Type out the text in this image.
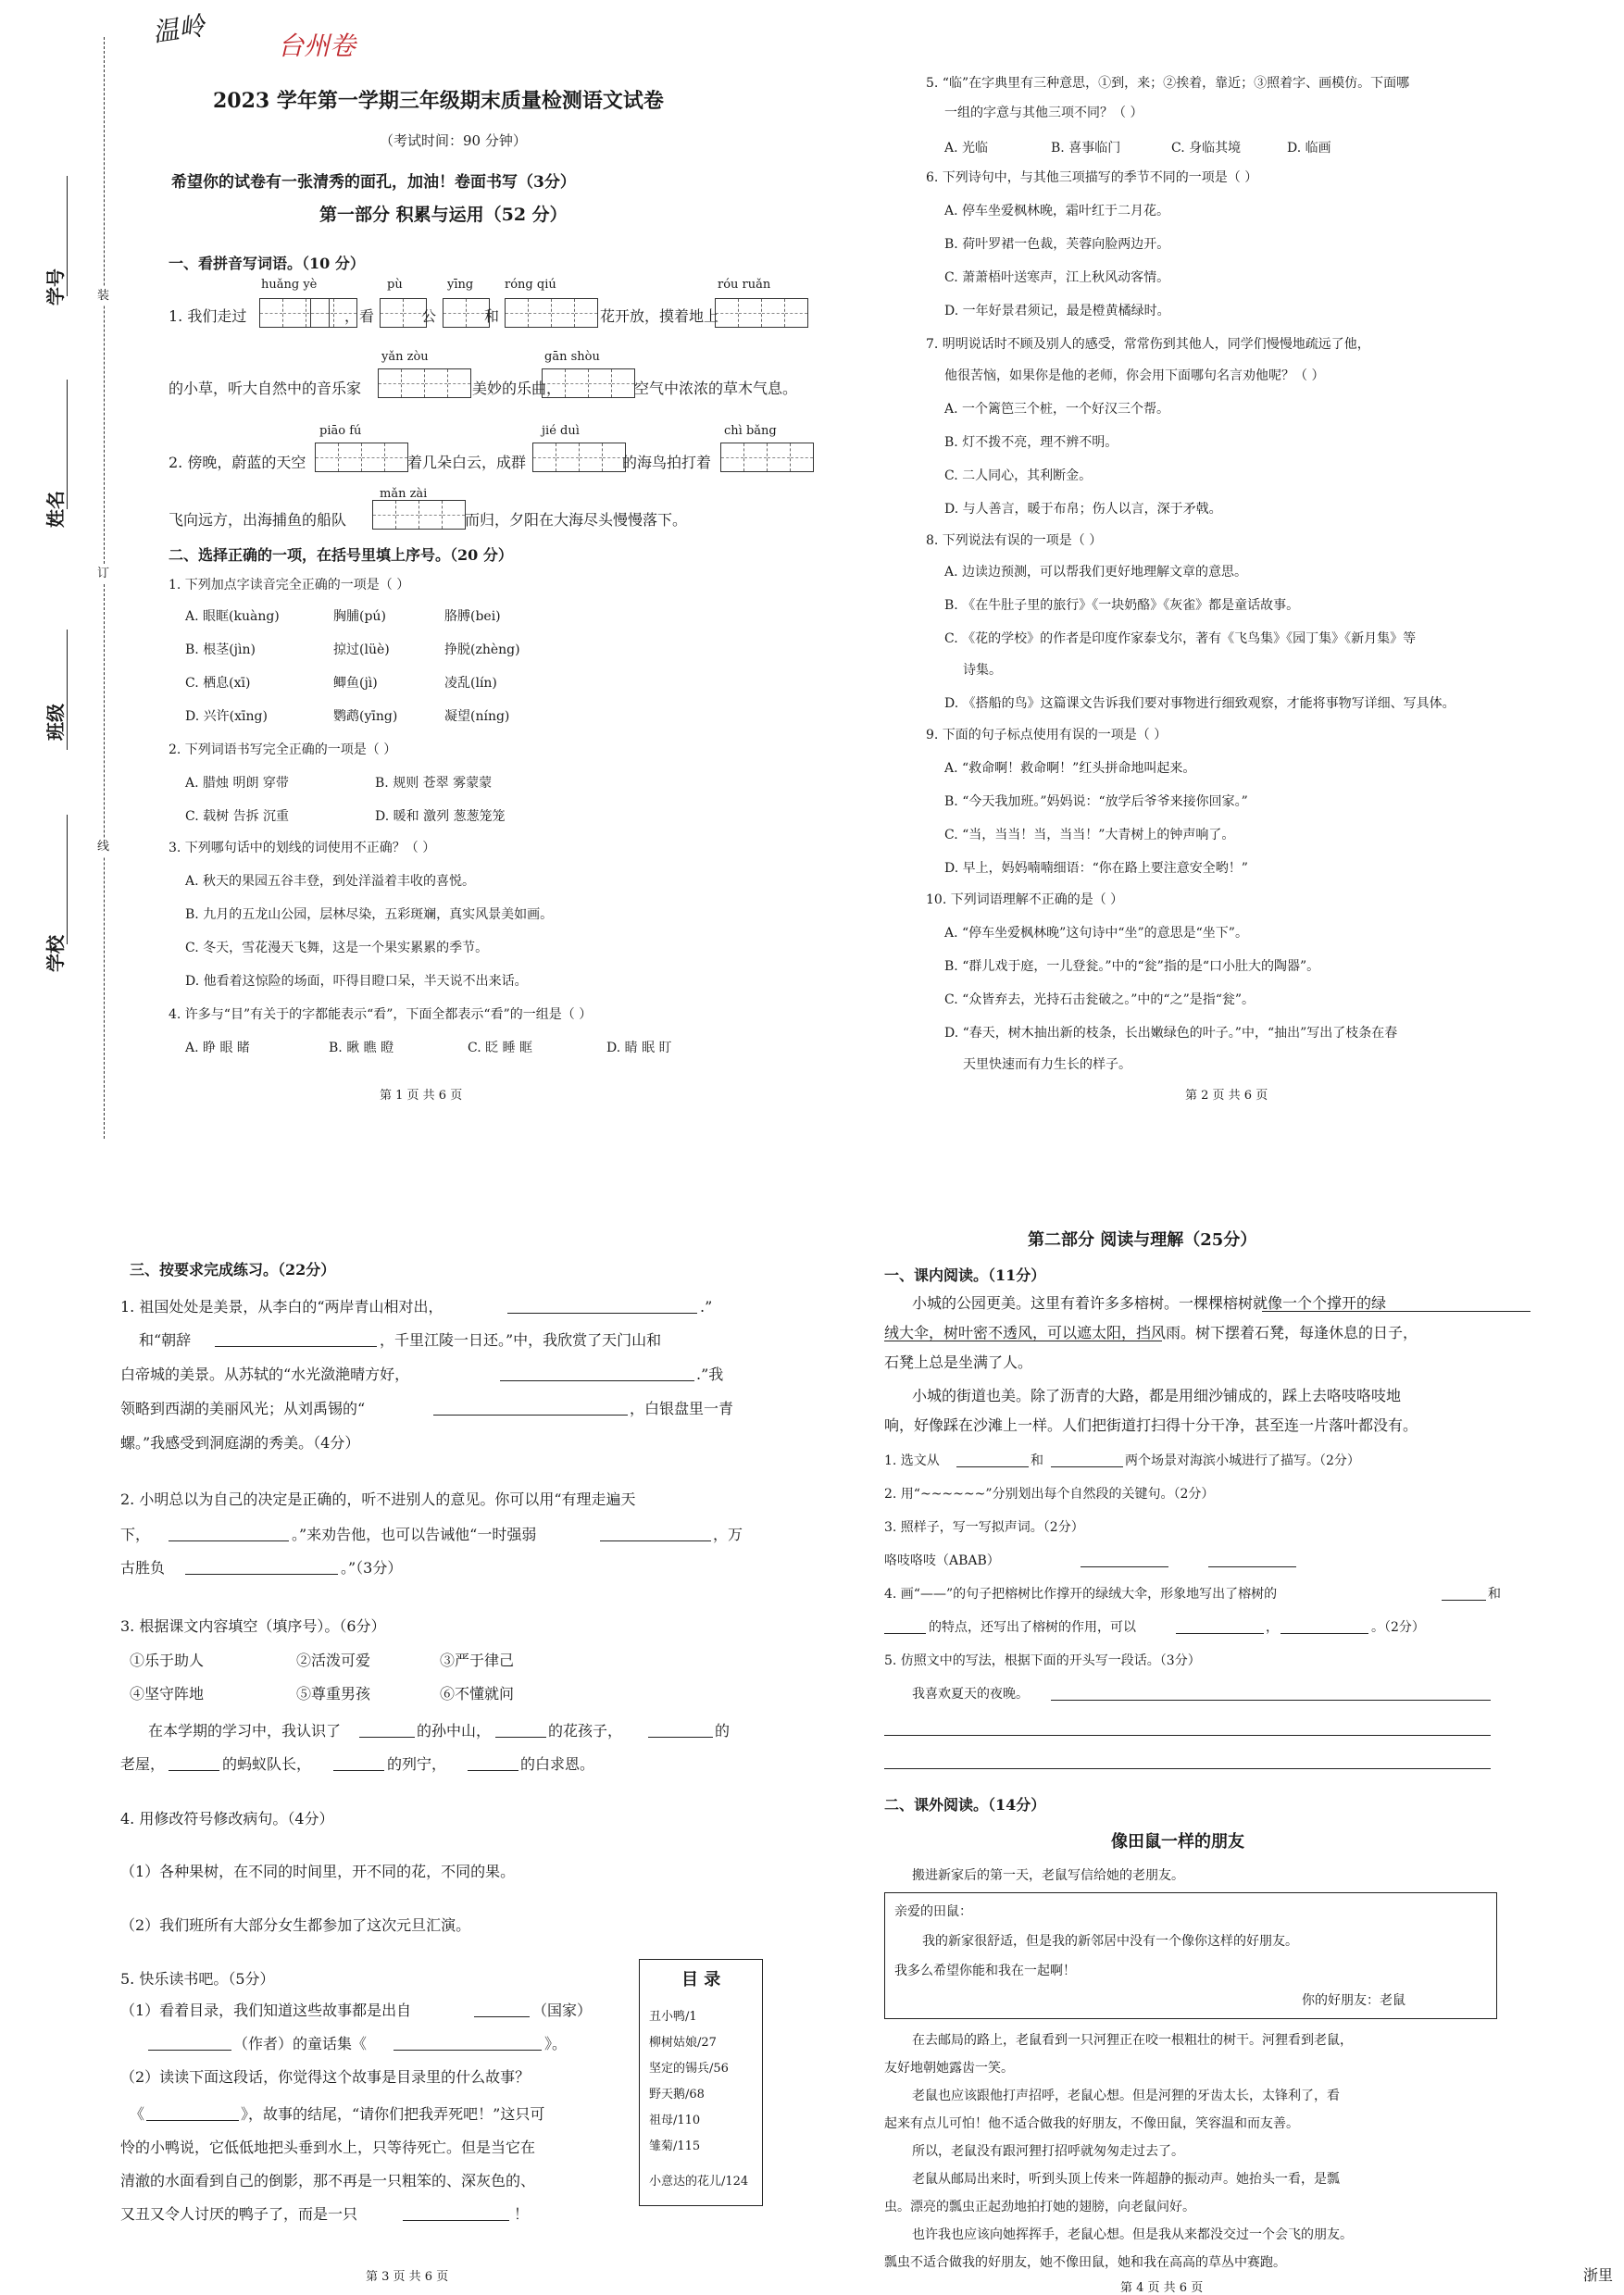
学号
姓名
班级
学校
装
订
线
温岭	台州卷
2023 学年第一学期三年级期末质量检测语文试卷
（考试时间：90 分钟）
希望你的试卷有一张清秀的面孔，加油！卷面书写（3分）
第一部分 积累与运用（52 分）
一、看拼音写词语。（10 分）
huǎng yè	pù	yīng	róng qiú	róu ruǎn
1. 我们走过	，看	公	和	花开放，摸着地上
yǎn zòu	gān shòu
的小草，听大自然中的音乐家	美妙的乐曲，	空气中浓浓的草木气息。
piāo fú	jié duì	chì bǎng
2. 傍晚，蔚蓝的天空	着几朵白云，成群	的海鸟拍打着
mǎn zài
飞向远方，出海捕鱼的船队	而归，夕阳在大海尽头慢慢落下。
二、选择正确的一项，在括号里填上序号。（20 分）
1. 下列加点字读音完全正确的一项是（ ）
A. 眼眶(kuàng)	胸脯(pú)	胳膊(bei)
B. 根茎(jìn)	掠过(lüè)	挣脱(zhèng)
C. 栖息(xī)	鲫鱼(jì)	凌乱(lín)
D. 兴许(xīng)	鹦鹉(yīng)	凝望(níng)
2. 下列词语书写完全正确的一项是（ ）
A. 腊烛 明朗 穿带	B. 规则 苍翠 雾蒙蒙
C. 载树 告拆 沉重	D. 暖和 激列 葱葱笼笼
3. 下列哪句话中的划线的词使用不正确？（ ）
A. 秋天的果园五谷丰登，到处洋溢着丰收的喜悦。
B. 九月的五龙山公园，层林尽染，五彩斑斓，真实风景美如画。
C. 冬天，雪花漫天飞舞，这是一个果实累累的季节。
D. 他看着这惊险的场面，吓得目瞪口呆，半天说不出来话。
4. 许多与“目”有关于的字都能表示“看”，下面全都表示“看”的一组是（ ）
A. 睁 眼 睹	B. 瞅 瞧 瞪	C. 眨 睡 眶	D. 睛 眠 盯
第 1 页 共 6 页
5. “临”在字典里有三种意思，①到，来；②挨着，靠近；③照着字、画模仿。下面哪
一组的字意与其他三项不同？（ ）
A. 光临	B. 喜事临门	C. 身临其境	D. 临画
6. 下列诗句中，与其他三项描写的季节不同的一项是（ ）
A. 停车坐爱枫林晚，霜叶红于二月花。
B. 荷叶罗裙一色裁，芙蓉向脸两边开。
C. 萧萧梧叶送寒声，江上秋风动客情。
D. 一年好景君须记，最是橙黄橘绿时。
7. 明明说话时不顾及别人的感受，常常伤到其他人，同学们慢慢地疏远了他，
他很苦恼，如果你是他的老师，你会用下面哪句名言劝他呢？（ ）
A. 一个篱笆三个桩，一个好汉三个帮。
B. 灯不拨不亮，理不辨不明。
C. 二人同心，其利断金。
D. 与人善言，暖于布帛；伤人以言，深于矛戟。
8. 下列说法有误的一项是（ ）
A. 边读边预测，可以帮我们更好地理解文章的意思。
B. 《在牛肚子里的旅行》《一块奶酪》《灰雀》都是童话故事。
C. 《花的学校》的作者是印度作家泰戈尔，著有《飞鸟集》《园丁集》《新月集》等
诗集。
D. 《搭船的鸟》这篇课文告诉我们要对事物进行细致观察，才能将事物写详细、写具体。
9. 下面的句子标点使用有误的一项是（ ）
A. “救命啊！救命啊！”红头拼命地叫起来。
B. “今天我加班。”妈妈说：“放学后爷爷来接你回家。”
C. “当，当当！当，当当！”大青树上的钟声响了。
D. 早上，妈妈喃喃细语：“你在路上要注意安全哟！”
10. 下列词语理解不正确的是（ ）
A. “停车坐爱枫林晚”这句诗中“坐”的意思是“坐下”。
B. “群儿戏于庭，一儿登瓮。”中的“瓮”指的是“口小肚大的陶器”。
C. “众皆弃去，光持石击瓮破之。”中的“之”是指“瓮”。
D. “春天，树木抽出新的枝条，长出嫩绿色的叶子。”中，“抽出”写出了枝条在春
天里快速而有力生长的样子。
第 2 页 共 6 页
三、按要求完成练习。（22分）
1. 祖国处处是美景，从李白的“两岸青山相对出，	.”
和“朝辞	，千里江陵一日还。”中，我欣赏了天门山和
白帝城的美景。从苏轼的“水光潋滟晴方好，	.”我
领略到西湖的美丽风光；从刘禹锡的“	，白银盘里一青
螺。”我感受到洞庭湖的秀美。（4分）
2. 小明总以为自己的决定是正确的，听不进别人的意见。你可以用“有理走遍天
下，	。”来劝告他，也可以告诫他“一时强弱	，万
古胜负	。”（3分）
3. 根据课文内容填空（填序号）。（6分）
①乐于助人	②活泼可爱	③严于律己
④坚守阵地	⑤尊重男孩	⑥不懂就问
在本学期的学习中，我认识了	的孙中山，	的花孩子，	的
老屋，	的蚂蚁队长，	的列宁，	的白求恩。
4. 用修改符号修改病句。（4分）
（1）各种果树，在不同的时间里，开不同的花，不同的果。
（2）我们班所有大部分女生都参加了这次元旦汇演。
5. 快乐读书吧。（5分）
（1）看着目录，我们知道这些故事都是出自	（国家）
（作者）的童话集《	》。
（2）读读下面这段话，你觉得这个故事是目录里的什么故事？
《	》，故事的结尾，“请你们把我弄死吧！”这只可
怜的小鸭说，它低低地把头垂到水上，只等待死亡。但是当它在
清澈的水面看到自己的倒影，那不再是一只粗笨的、深灰色的、
又丑又令人讨厌的鸭子了，而是一只	！
目 录
丑小鸭/1
柳树姑娘/27
坚定的锡兵/56
野天鹅/68
祖母/110
雏菊/115
小意达的花儿/124
第 3 页 共 6 页
第二部分 阅读与理解（25分）
一、课内阅读。（11分）
小城的公园更美。这里有着许多多榕树。一棵棵榕树就像一个个撑开的绿
绒大伞，树叶密不透风，可以遮太阳，挡风雨。树下摆着石凳，每逢休息的日子，
石凳上总是坐满了人。
小城的街道也美。除了沥青的大路，都是用细沙铺成的，踩上去咯吱咯吱地
响，好像踩在沙滩上一样。人们把街道打扫得十分干净，甚至连一片落叶都没有。
1. 选文从	和	两个场景对海滨小城进行了描写。（2分）
2. 用“~~~~~~”分别划出每个自然段的关键句。（2分）
3. 照样子，写一写拟声词。（2分）
咯吱咯吱（ABAB）
4. 画“——”的句子把榕树比作撑开的绿绒大伞，形象地写出了榕树的	和
的特点，还写出了榕树的作用，可以	，	。（2分）
5. 仿照文中的写法，根据下面的开头写一段话。（3分）
我喜欢夏天的夜晚。
二、课外阅读。（14分）
像田鼠一样的朋友
搬进新家后的第一天，老鼠写信给她的老朋友。
亲爱的田鼠：
我的新家很舒适，但是我的新邻居中没有一个像你这样的好朋友。
我多么希望你能和我在一起啊！
你的好朋友：老鼠
在去邮局的路上，老鼠看到一只河狸正在咬一根粗壮的树干。河狸看到老鼠，
友好地朝她露齿一笑。
老鼠也应该跟他打声招呼，老鼠心想。但是河狸的牙齿太长，太锋利了，看
起来有点儿可怕！他不适合做我的好朋友，不像田鼠，笑容温和而友善。
所以，老鼠没有跟河狸打招呼就匆匆走过去了。
老鼠从邮局出来时，听到头顶上传来一阵超静的振动声。她抬头一看，是瓢
虫。漂亮的瓢虫正起劲地拍打她的翅膀，向老鼠问好。
也许我也应该向她挥挥手，老鼠心想。但是我从来都没交过一个会飞的朋友。
瓢虫不适合做我的好朋友，她不像田鼠，她和我在高高的草丛中赛跑。
第 4 页 共 6 页
浙里
